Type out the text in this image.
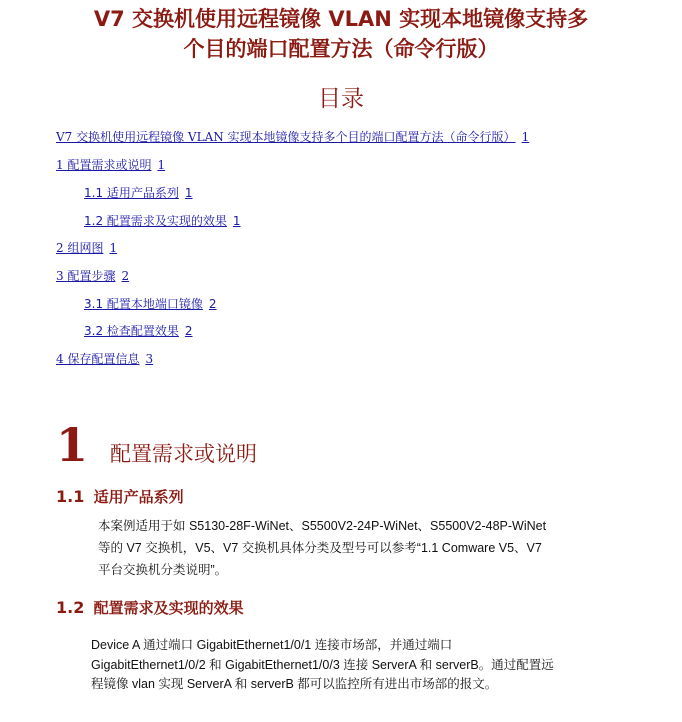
V7 交换机使用远程镜像 VLAN 实现本地镜像支持多
个目的端口配置方法（命令行版）
目录
V7 交换机使用远程镜像 VLAN 实现本地镜像支持多个目的端口配置方法（命令行版） 1
1 配置需求或说明 1
1.1 适用产品系列 1
1.2 配置需求及实现的效果 1
2 组网图 1
3 配置步骤 2
3.1 配置本地端口镜像 2
3.2 检查配置效果 2
4 保存配置信息 3
1 配置需求或说明
1.1 适用产品系列

本案例适用于如 S5130-28F-WiNet、S5500V2-24P-WiNet、S5500V2-48P-WiNet
等的 V7 交换机，V5、V7 交换机具体分类及型号可以参考“1.1 Comware V5、V7
平台交换机分类说明”。

1.2 配置需求及实现的效果

Device A 通过端口 GigabitEthernet1/0/1 连接市场部，并通过端口
GigabitEthernet1/0/2 和 GigabitEthernet1/0/3 连接 ServerA 和 serverB。通过配置远
程镜像 vlan 实现 ServerA 和 serverB 都可以监控所有进出市场部的报文。
